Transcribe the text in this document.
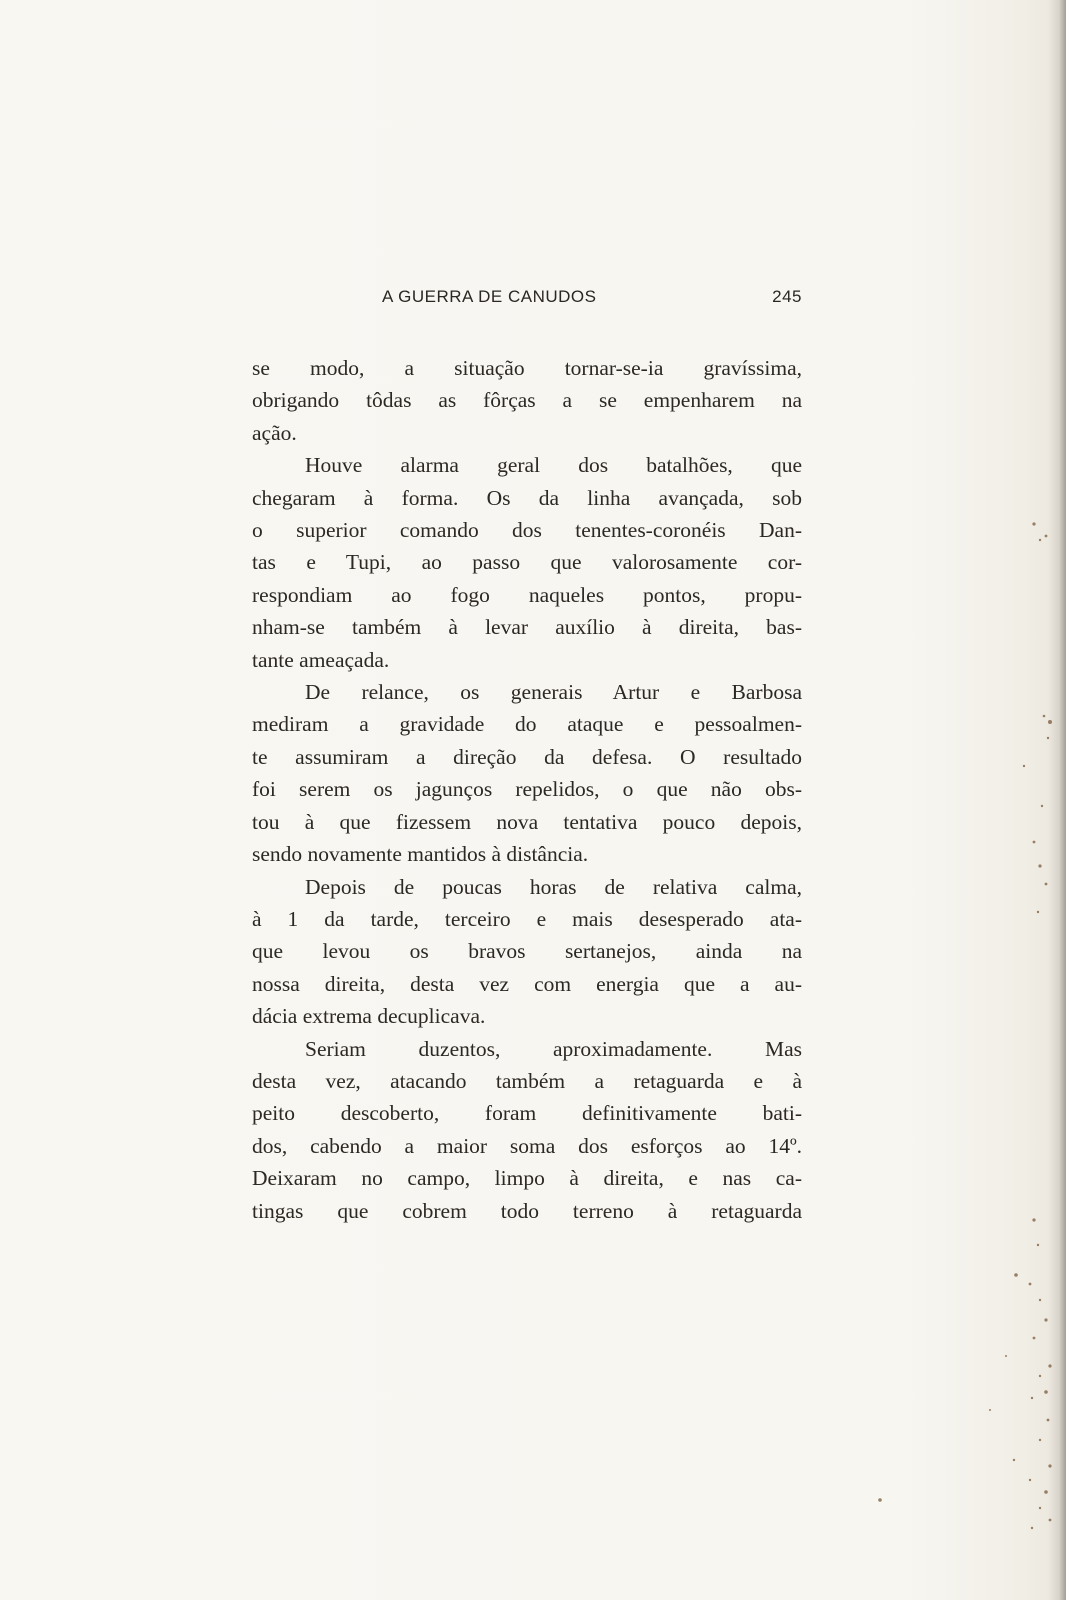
A GUERRA DE CANUDOS	245

se modo, a situação tornar-se-ia gravíssima,
obrigando tôdas as fôrças a se empenharem na
ação.

Houve alarma geral dos batalhões, que
chegaram à forma. Os da linha avançada, sob
o superior comando dos tenentes-coronéis Dan-
tas e Tupi, ao passo que valorosamente cor-
respondiam ao fogo naqueles pontos, propu-
nham-se também à levar auxílio à direita, bas-
tante ameaçada.

De relance, os generais Artur e Barbosa
mediram a gravidade do ataque e pessoalmen-
te assumiram a direção da defesa. O resultado
foi serem os jagunços repelidos, o que não obs-
tou à que fizessem nova tentativa pouco depois,
sendo novamente mantidos à distância.

Depois de poucas horas de relativa calma,
à 1 da tarde, terceiro e mais desesperado ata-
que levou os bravos sertanejos, ainda na
nossa direita, desta vez com energia que a au-
dácia extrema decuplicava.

Seriam duzentos, aproximadamente. Mas
desta vez, atacando também a retaguarda e à
peito descoberto, foram definitivamente bati-
dos, cabendo a maior soma dos esforços ao 14º.
Deixaram no campo, limpo à direita, e nas ca-
tingas que cobrem todo terreno à retaguarda
